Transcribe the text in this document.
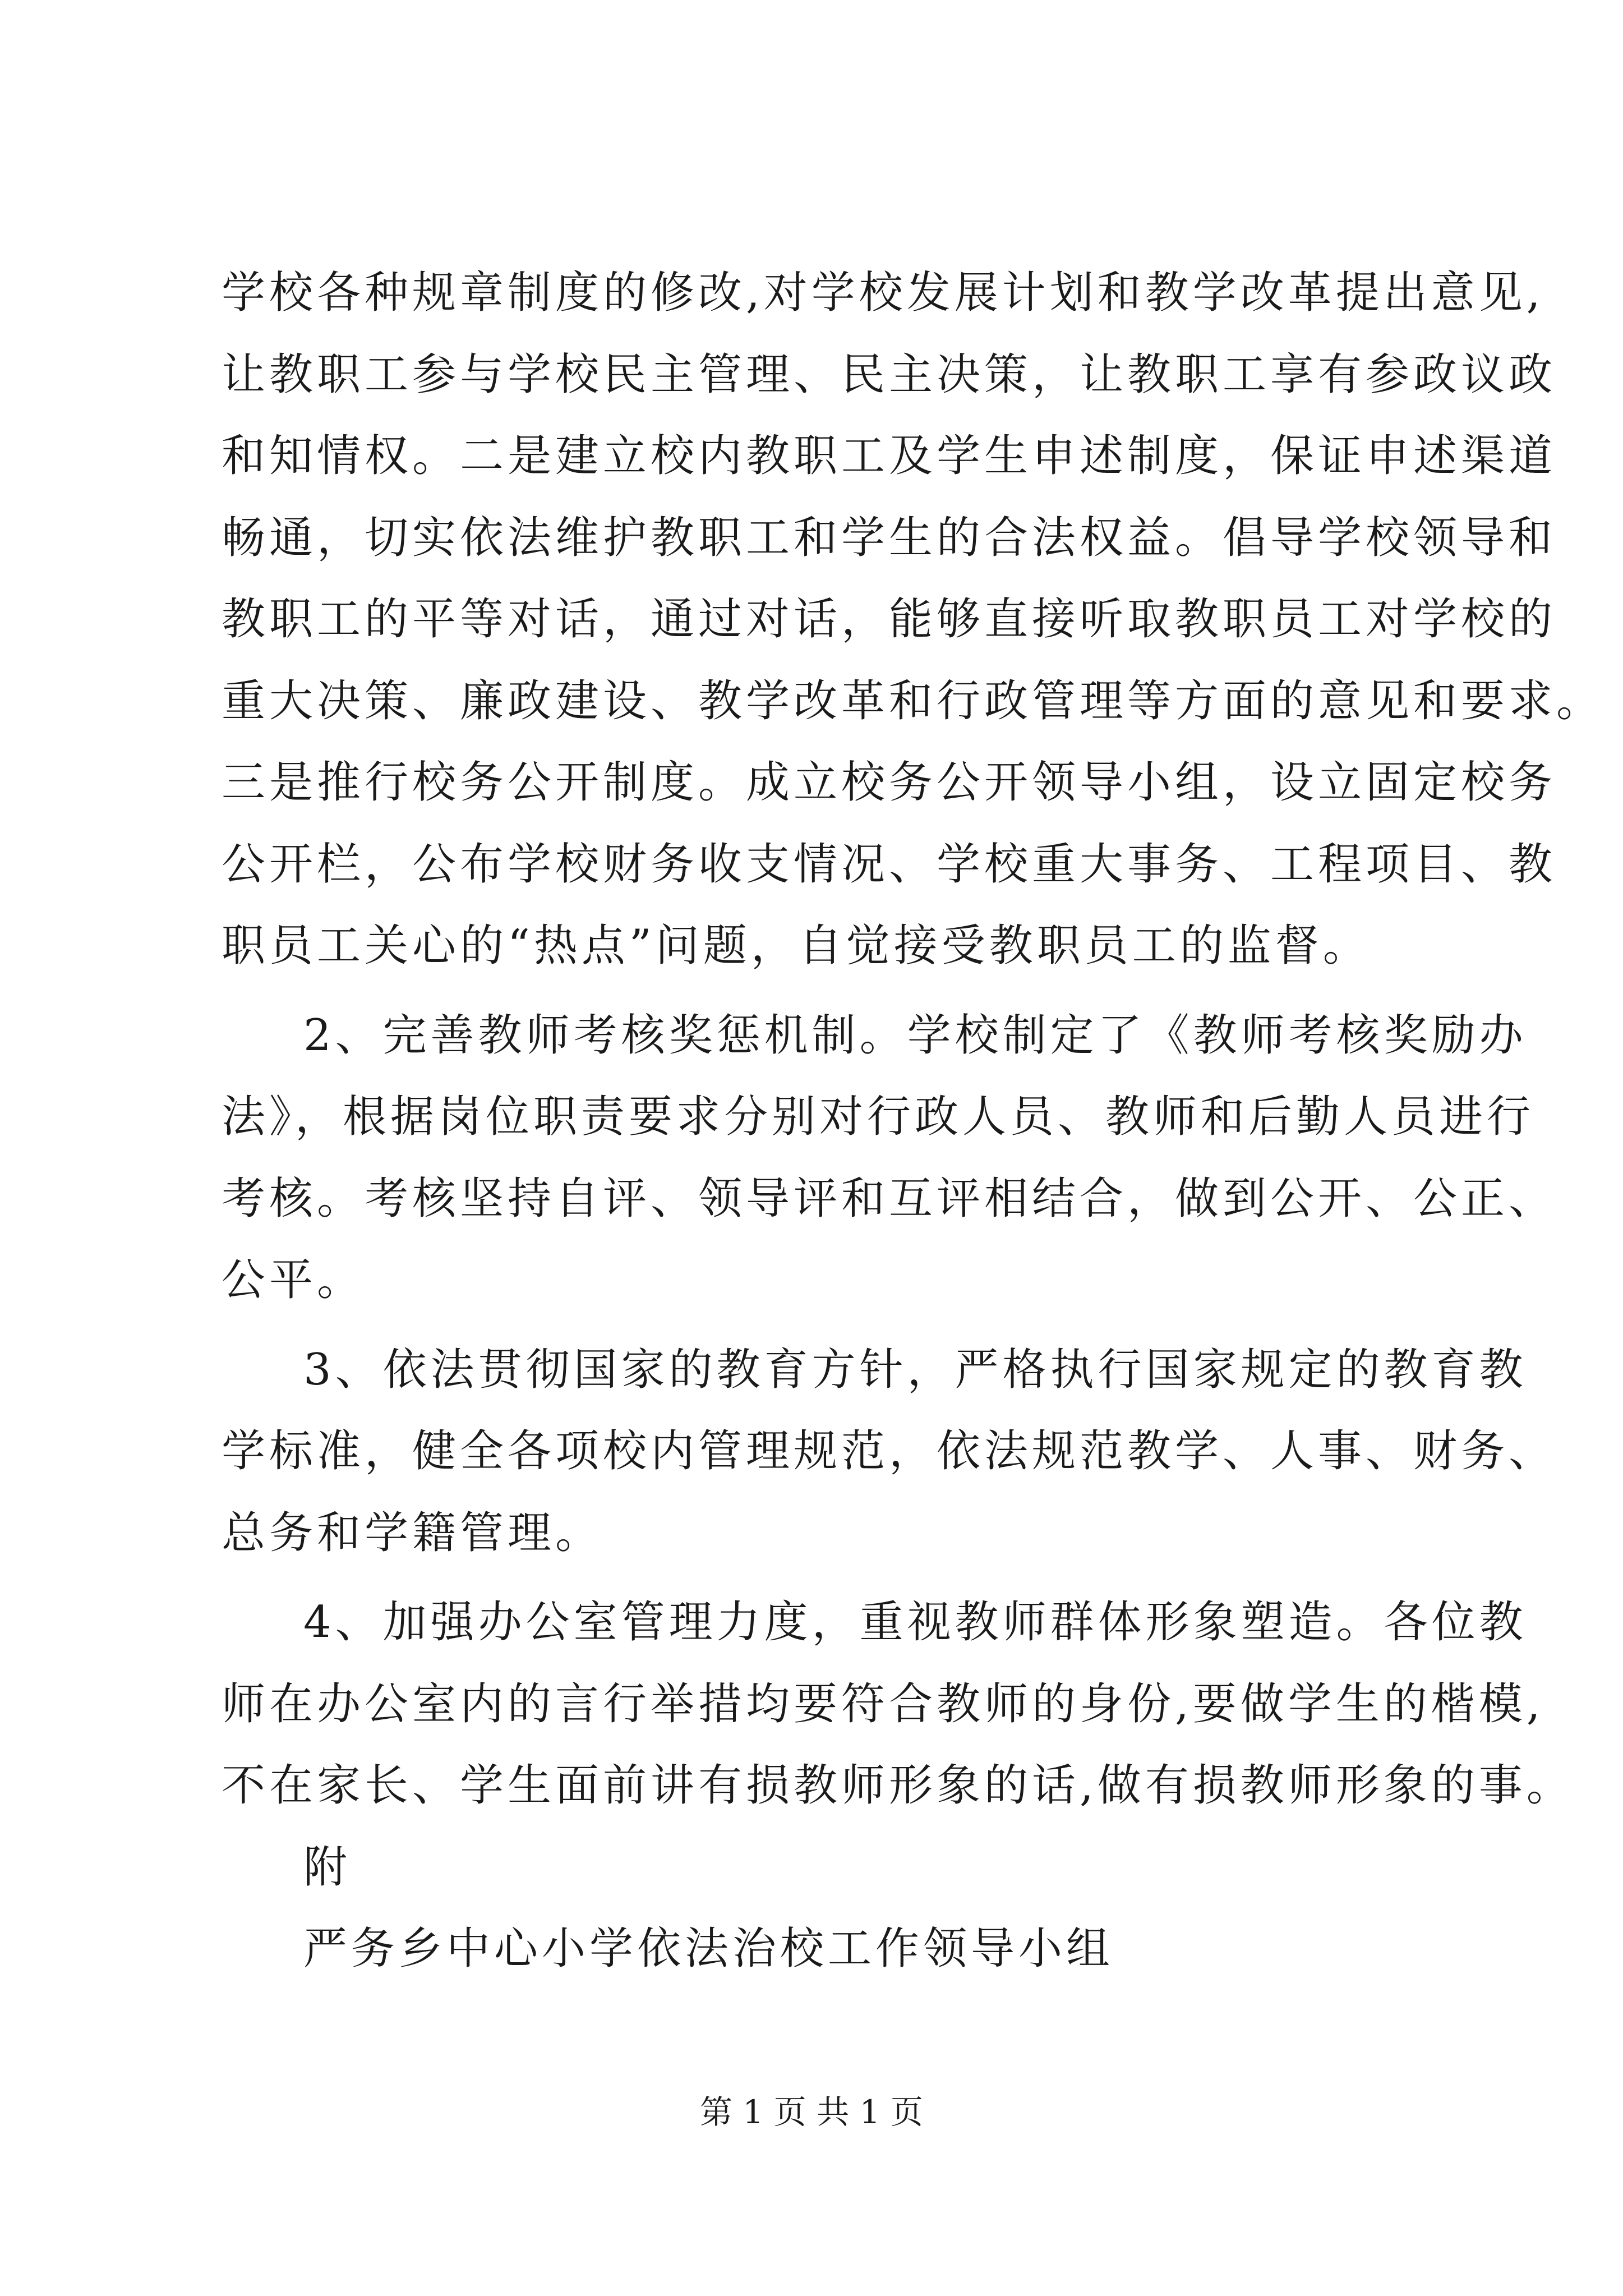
学校各种规章制度的修改,对学校发展计划和教学改革提出意见,
让教职工参与学校民主管理、民主决策，让教职工享有参政议政
和知情权。二是建立校内教职工及学生申述制度，保证申述渠道
畅通，切实依法维护教职工和学生的合法权益。倡导学校领导和
教职工的平等对话，通过对话，能够直接听取教职员工对学校的
重大决策、廉政建设、教学改革和行政管理等方面的意见和要求。
三是推行校务公开制度。成立校务公开领导小组，设立固定校务
公开栏，公布学校财务收支情况、学校重大事务、工程项目、教
职员工关心的“热点”问题，自觉接受教职员工的监督。
2、完善教师考核奖惩机制。学校制定了《教师考核奖励办
法》，根据岗位职责要求分别对行政人员、教师和后勤人员进行
考核。考核坚持自评、领导评和互评相结合，做到公开、公正、
公平。
3、依法贯彻国家的教育方针，严格执行国家规定的教育教
学标准，健全各项校内管理规范，依法规范教学、人事、财务、
总务和学籍管理。
4、加强办公室管理力度，重视教师群体形象塑造。各位教
师在办公室内的言行举措均要符合教师的身份,要做学生的楷模,
不在家长、学生面前讲有损教师形象的话,做有损教师形象的事。
附
严务乡中心小学依法治校工作领导小组
第 1 页 共 1 页
